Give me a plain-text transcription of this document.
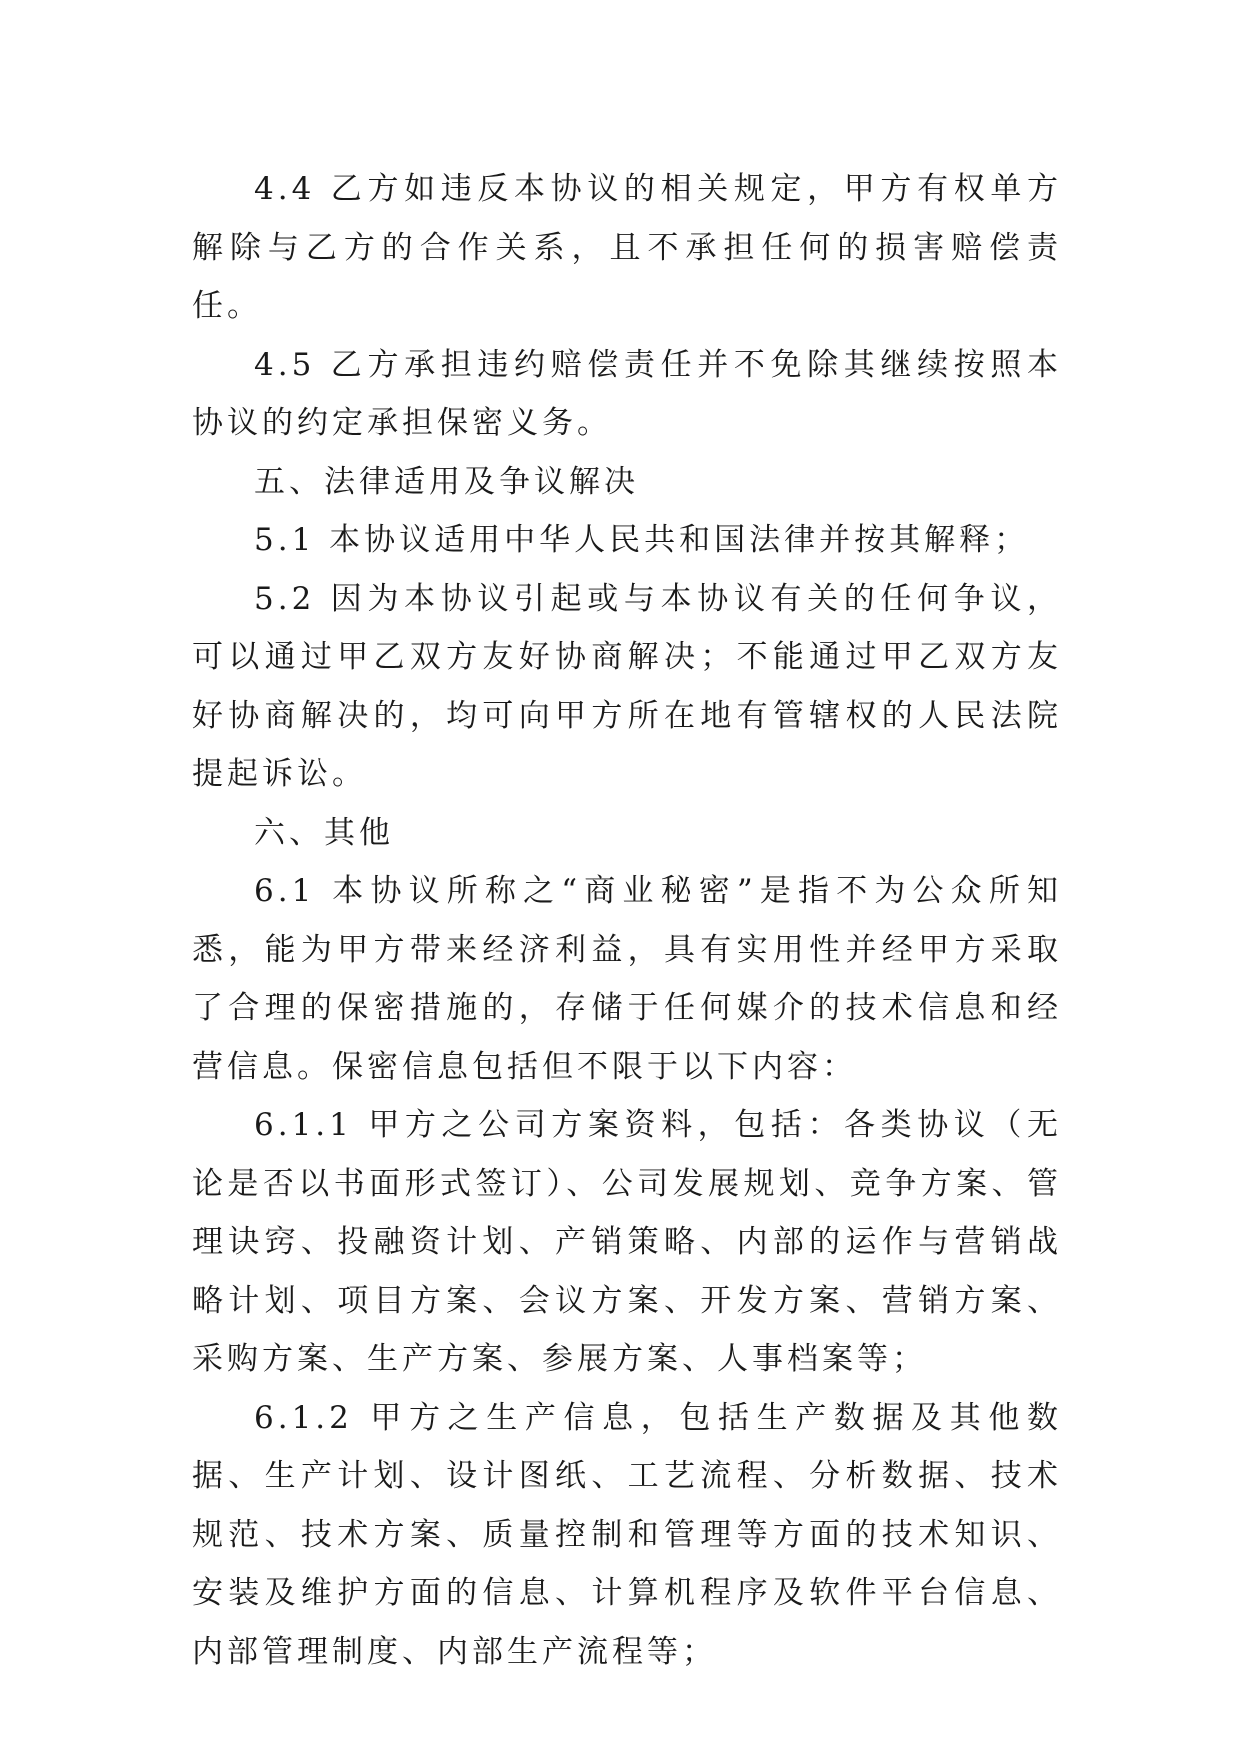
4.4 乙方如违反本协议的相关规定，甲方有权单方解除与乙方的合作关系，且不承担任何的损害赔偿责任。

4.5 乙方承担违约赔偿责任并不免除其继续按照本协议的约定承担保密义务。

五、法律适用及争议解决

5.1 本协议适用中华人民共和国法律并按其解释；

5.2 因为本协议引起或与本协议有关的任何争议，可以通过甲乙双方友好协商解决；不能通过甲乙双方友好协商解决的，均可向甲方所在地有管辖权的人民法院提起诉讼。

六、其他

6.1 本协议所称之“商业秘密”是指不为公众所知悉，能为甲方带来经济利益，具有实用性并经甲方采取了合理的保密措施的，存储于任何媒介的技术信息和经营信息。保密信息包括但不限于以下内容：

6.1.1 甲方之公司方案资料，包括：各类协议（无论是否以书面形式签订）、公司发展规划、竞争方案、管理诀窍、投融资计划、产销策略、内部的运作与营销战略计划、项目方案、会议方案、开发方案、营销方案、采购方案、生产方案、参展方案、人事档案等；

6.1.2 甲方之生产信息，包括生产数据及其他数据、生产计划、设计图纸、工艺流程、分析数据、技术规范、技术方案、质量控制和管理等方面的技术知识、安装及维护方面的信息、计算机程序及软件平台信息、内部管理制度、内部生产流程等；
